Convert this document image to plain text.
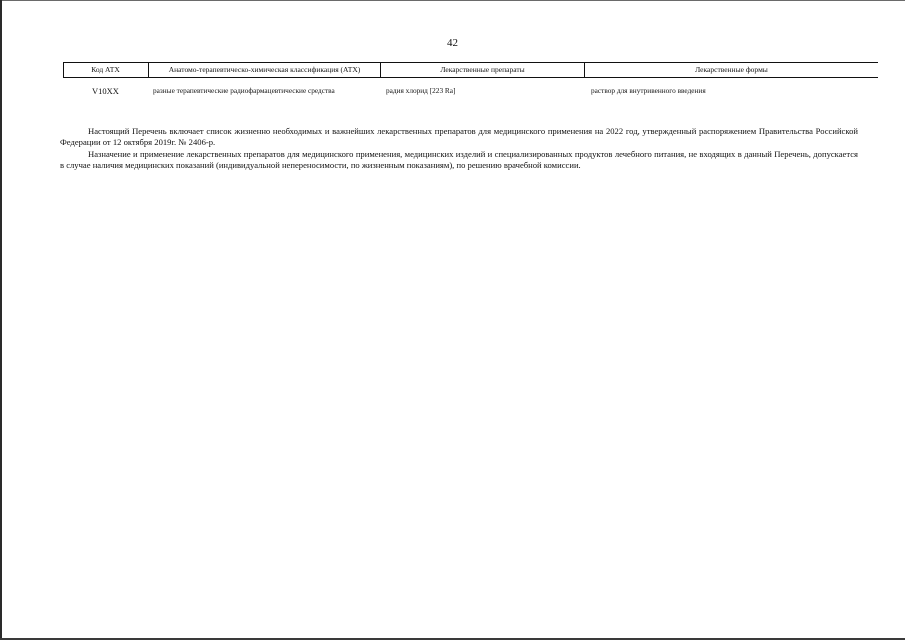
42
Код АТХ	Анатомо-терапевтическо-химическая классификация (АТХ)	Лекарственные препараты	Лекарственные формы
V10XX	разные терапевтические радиофармацевтические средства	радия хлорид [223 Ra]	раствор для внутривенного введения

Настоящий Перечень включает список жизненно необходимых и важнейших лекарственных препаратов для медицинского применения на 2022 год, утвержденный распоряжением Правительства Российской Федерации от 12 октября 2019г. № 2406-р.

Назначение и применение лекарственных препаратов для медицинского применения, медицинских изделий и специализированных продуктов лечебного питания, не входящих в данный Перечень, допускается в случае наличия медицинских показаний (индивидуальной непереносимости, по жизненным показаниям), по решению врачебной комиссии.
